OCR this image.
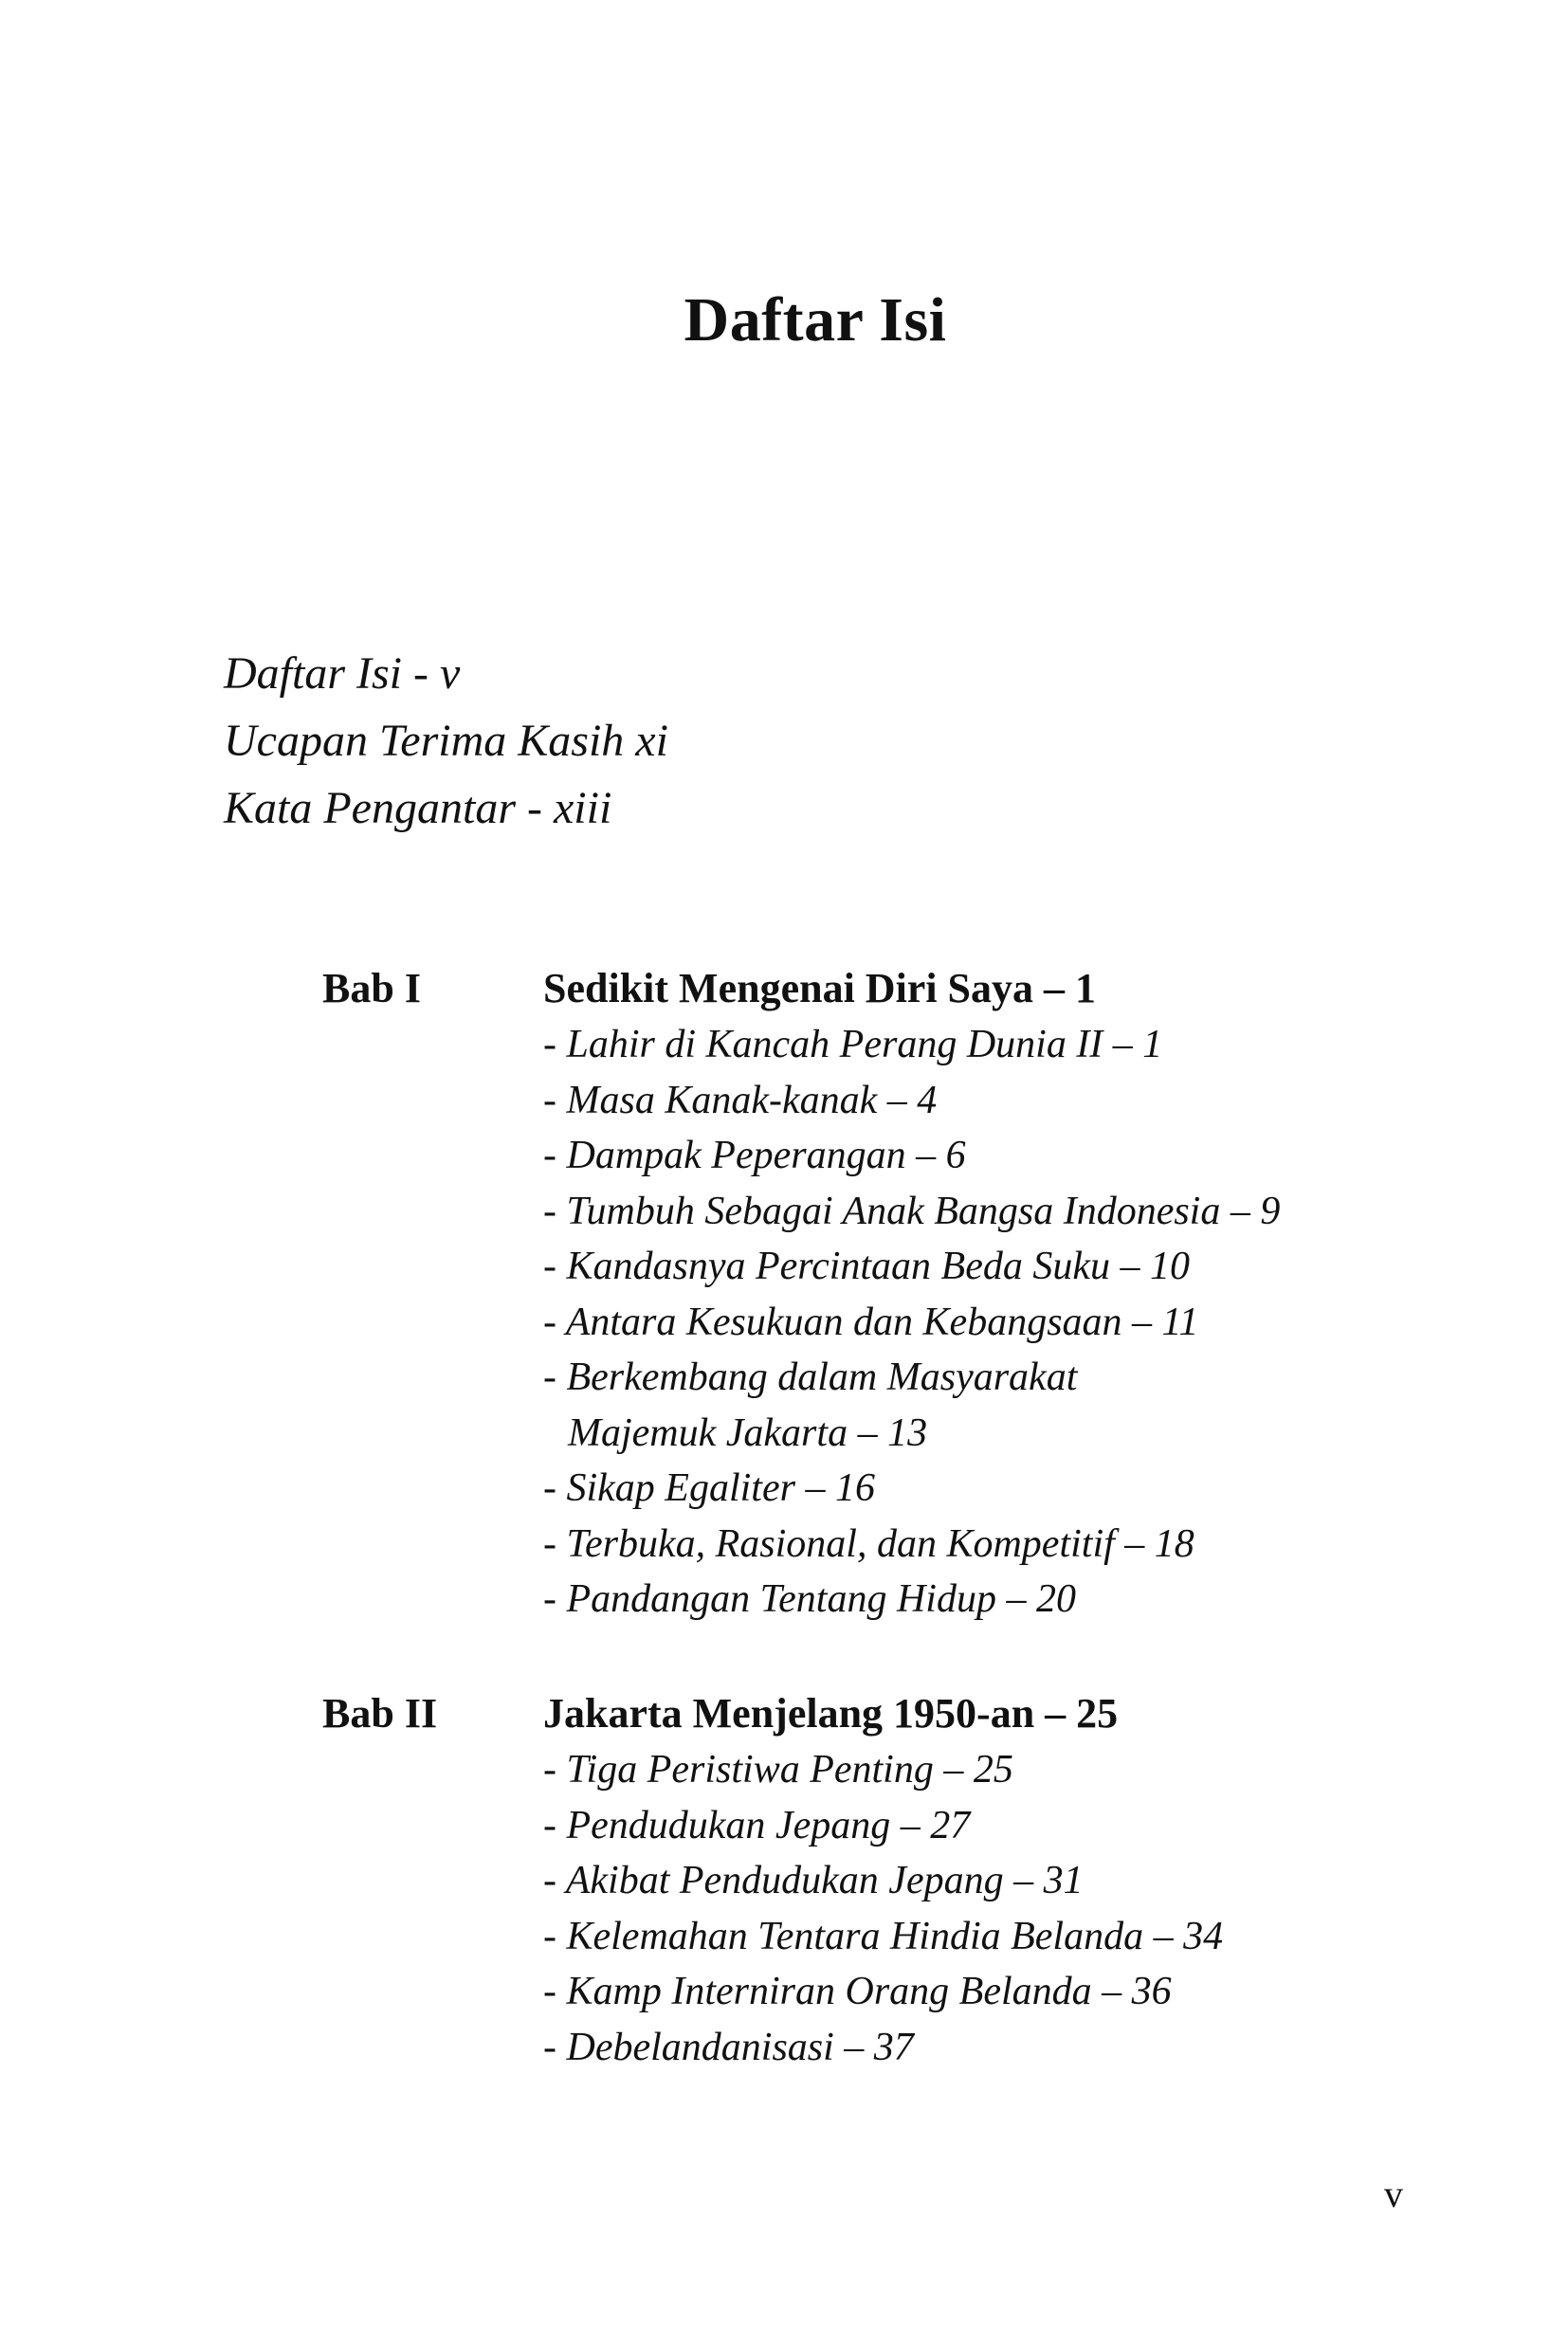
Daftar Isi
Daftar Isi - v
Ucapan Terima Kasih xi
Kata Pengantar - xiii
Bab I	Sedikit Mengenai Diri Saya – 1
- Lahir di Kancah Perang Dunia II – 1
- Masa Kanak-kanak – 4
- Dampak Peperangan – 6
- Tumbuh Sebagai Anak Bangsa Indonesia – 9
- Kandasnya Percintaan Beda Suku – 10
- Antara Kesukuan dan Kebangsaan – 11
- Berkembang dalam Masyarakat
Majemuk Jakarta – 13
- Sikap Egaliter – 16
- Terbuka, Rasional, dan Kompetitif – 18
- Pandangan Tentang Hidup – 20
Bab II	Jakarta Menjelang 1950-an – 25
- Tiga Peristiwa Penting – 25
- Pendudukan Jepang – 27
- Akibat Pendudukan Jepang – 31
- Kelemahan Tentara Hindia Belanda – 34
- Kamp Interniran Orang Belanda – 36
- Debelandanisasi – 37
v
